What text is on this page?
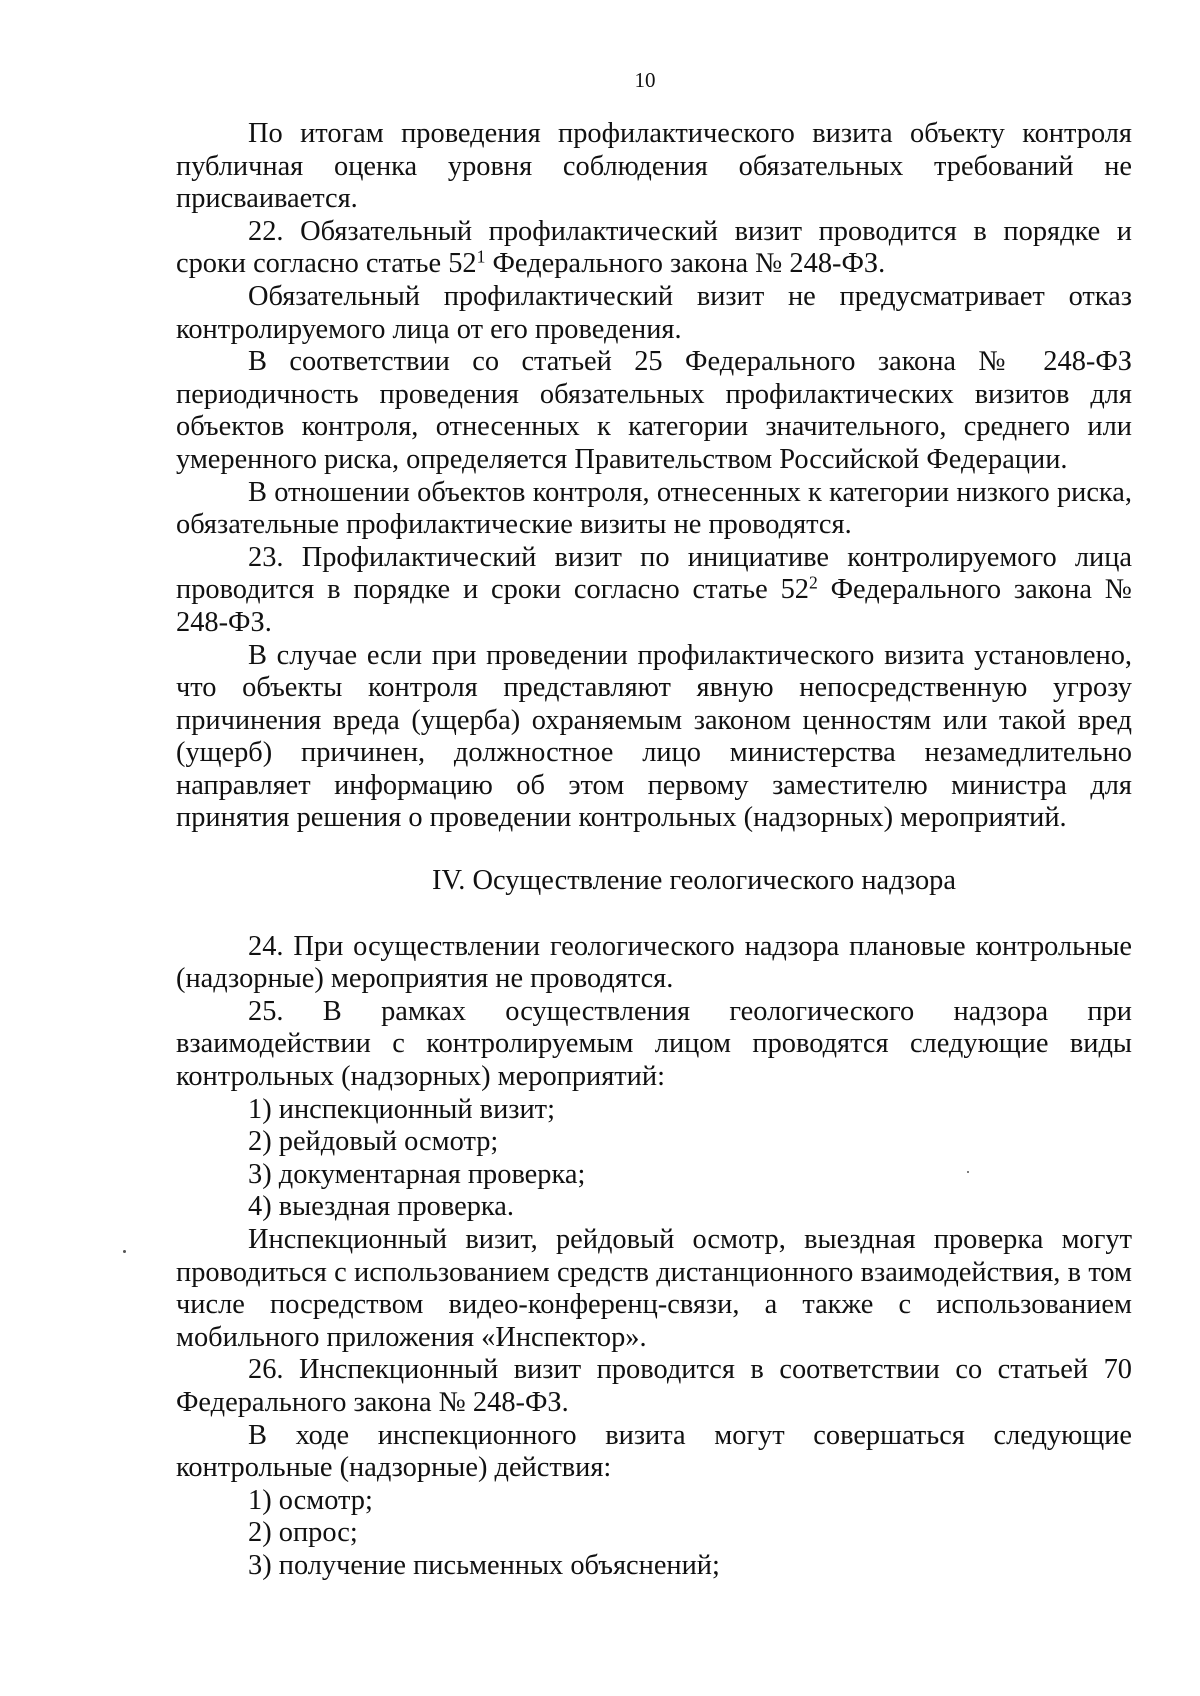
10

По итогам проведения профилактического визита объекту контроля публичная оценка уровня соблюдения обязательных требований не присваивается.

22. Обязательный профилактический визит проводится в порядке и сроки согласно статье $52^1$ Федерального закона № 248-ФЗ.

Обязательный профилактический визит не предусматривает отказ контролируемого лица от его проведения.

В соответствии со статьей 25 Федерального закона № 248-ФЗ периодичность проведения обязательных профилактических визитов для объектов контроля, отнесенных к категории значительного, среднего или умеренного риска, определяется Правительством Российской Федерации.

В отношении объектов контроля, отнесенных к категории низкого риска, обязательные профилактические визиты не проводятся.

23. Профилактический визит по инициативе контролируемого лица проводится в порядке и сроки согласно статье $52^2$ Федерального закона № 248-ФЗ.

В случае если при проведении профилактического визита установлено, что объекты контроля представляют явную непосредственную угрозу причинения вреда (ущерба) охраняемым законом ценностям или такой вред (ущерб) причинен, должностное лицо министерства незамедлительно направляет информацию об этом первому заместителю министра для принятия решения о проведении контрольных (надзорных) мероприятий.

IV. Осуществление геологического надзора

24. При осуществлении геологического надзора плановые контрольные (надзорные) мероприятия не проводятся.

25. В рамках осуществления геологического надзора при взаимодействии с контролируемым лицом проводятся следующие виды контрольных (надзорных) мероприятий:

1) инспекционный визит;
2) рейдовый осмотр;
3) документарная проверка;
4) выездная проверка.

Инспекционный визит, рейдовый осмотр, выездная проверка могут проводиться с использованием средств дистанционного взаимодействия, в том числе посредством видео-конференц-связи, а также с использованием мобильного приложения «Инспектор».

26. Инспекционный визит проводится в соответствии со статьей 70 Федерального закона № 248-ФЗ.

В ходе инспекционного визита могут совершаться следующие контрольные (надзорные) действия:

1) осмотр;
2) опрос;
3) получение письменных объяснений;
